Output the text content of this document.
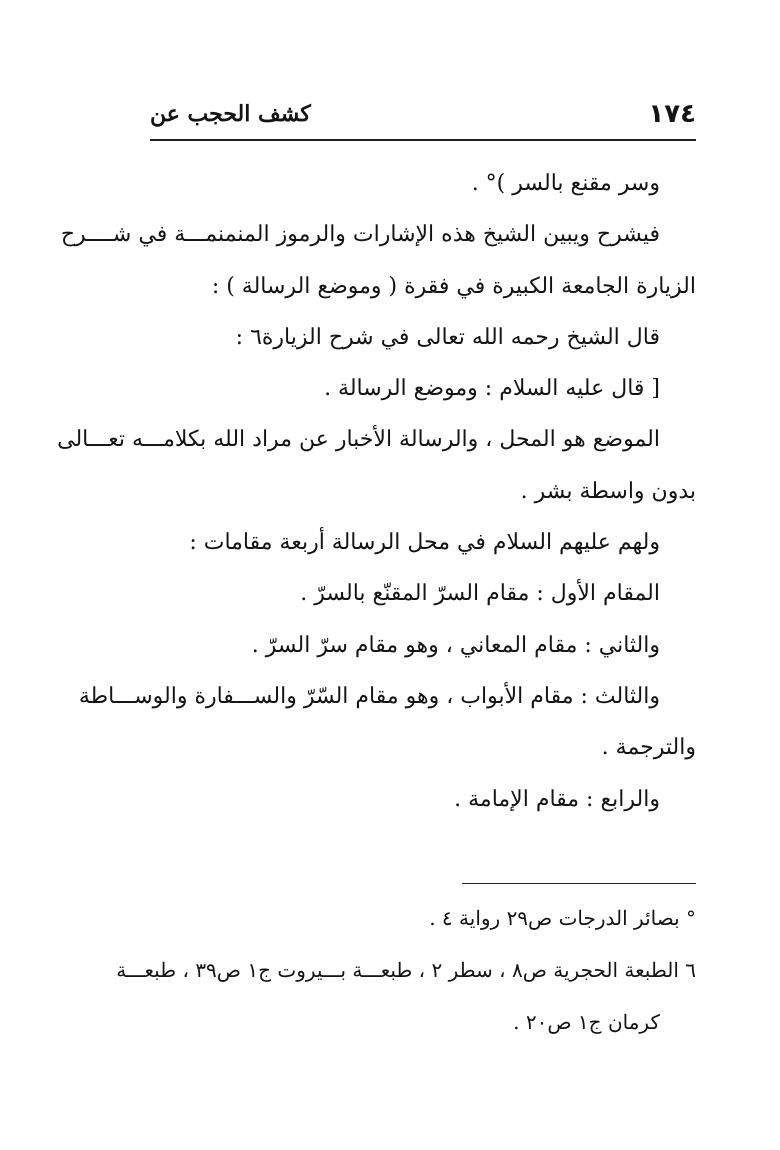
١٧٤
كشف الحجب عن
وسر مقنع بالسر )° .
فيشرح ويبين الشيخ هذه الإشارات والرموز المنمنمـــة في شــــرح
الزيارة الجامعة الكبيرة في فقرة ( وموضع الرسالة ) :
قال الشيخ رحمه الله تعالى في شرح الزيارة٦ :
[ قال عليه السلام : وموضع الرسالة .
الموضع هو المحل ، والرسالة الأخبار عن مراد الله بكلامـــه تعـــالى
بدون واسطة بشر .
ولهم عليهم السلام في محل الرسالة أربعة مقامات :
المقام الأول : مقام السرّ المقنّع بالسرّ .
والثاني : مقام المعاني ، وهو مقام سرّ السرّ .
والثالث : مقام الأبواب ، وهو مقام السّرّ والســـفارة والوســـاطة
والترجمة .
والرابع : مقام الإمامة .
° بصائر الدرجات ص٢٩ رواية ٤ .
٦ الطبعة الحجرية ص٨ ، سطر ٢ ، طبعـــة بـــيروت ج١ ص٣٩ ، طبعـــة
كرمان ج١ ص٢٠ .
